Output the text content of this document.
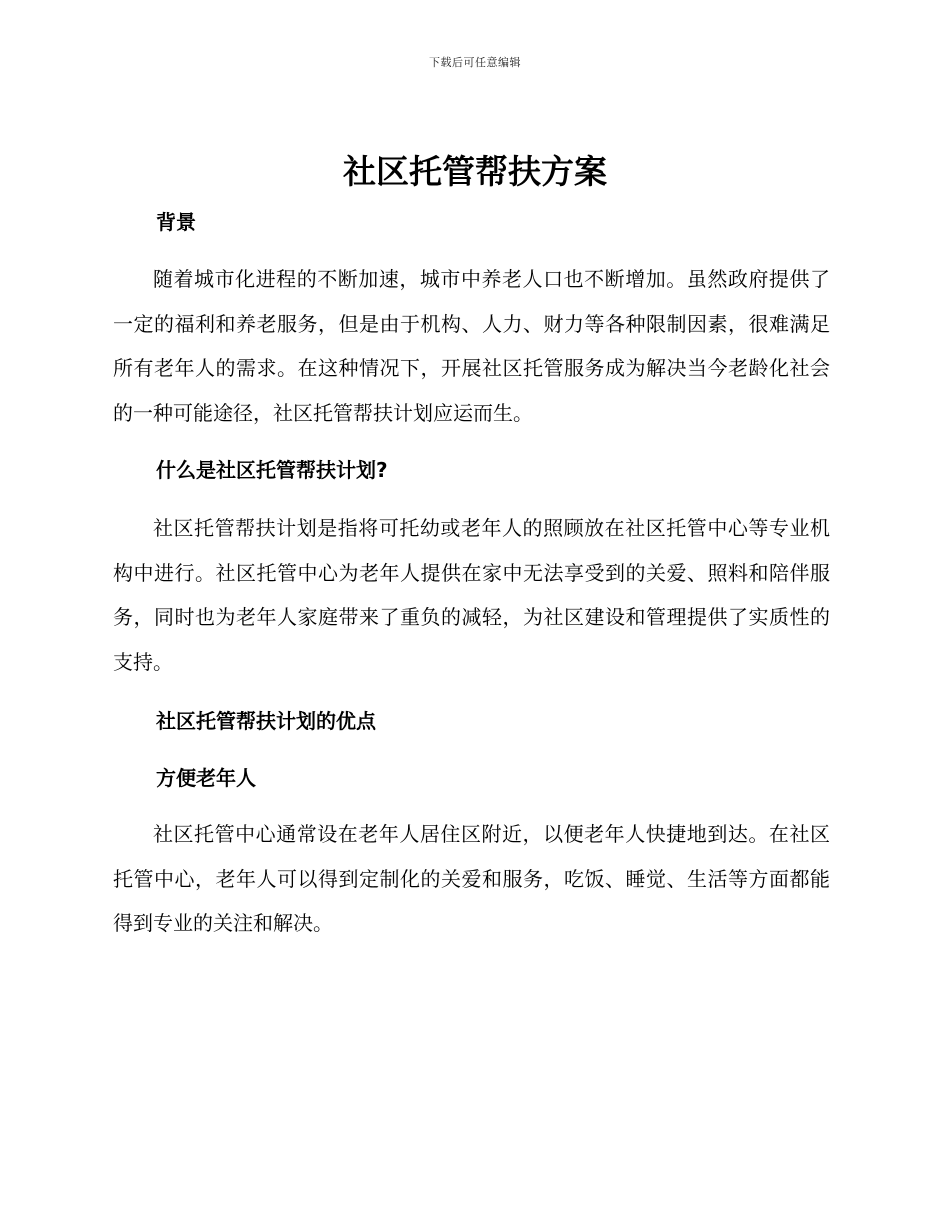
下载后可任意编辑
社区托管帮扶方案
背景

随着城市化进程的不断加速，城市中养老人口也不断增加。虽然政府提供了一定的福利和养老服务，但是由于机构、人力、财力等各种限制因素，很难满足所有老年人的需求。在这种情况下，开展社区托管服务成为解决当今老龄化社会的一种可能途径，社区托管帮扶计划应运而生。

什么是社区托管帮扶计划?

社区托管帮扶计划是指将可托幼或老年人的照顾放在社区托管中心等专业机构中进行。社区托管中心为老年人提供在家中无法享受到的关爱、照料和陪伴服务，同时也为老年人家庭带来了重负的减轻，为社区建设和管理提供了实质性的支持。

社区托管帮扶计划的优点
方便老年人

社区托管中心通常设在老年人居住区附近，以便老年人快捷地到达。在社区托管中心，老年人可以得到定制化的关爱和服务，吃饭、睡觉、生活等方面都能得到专业的关注和解决。
